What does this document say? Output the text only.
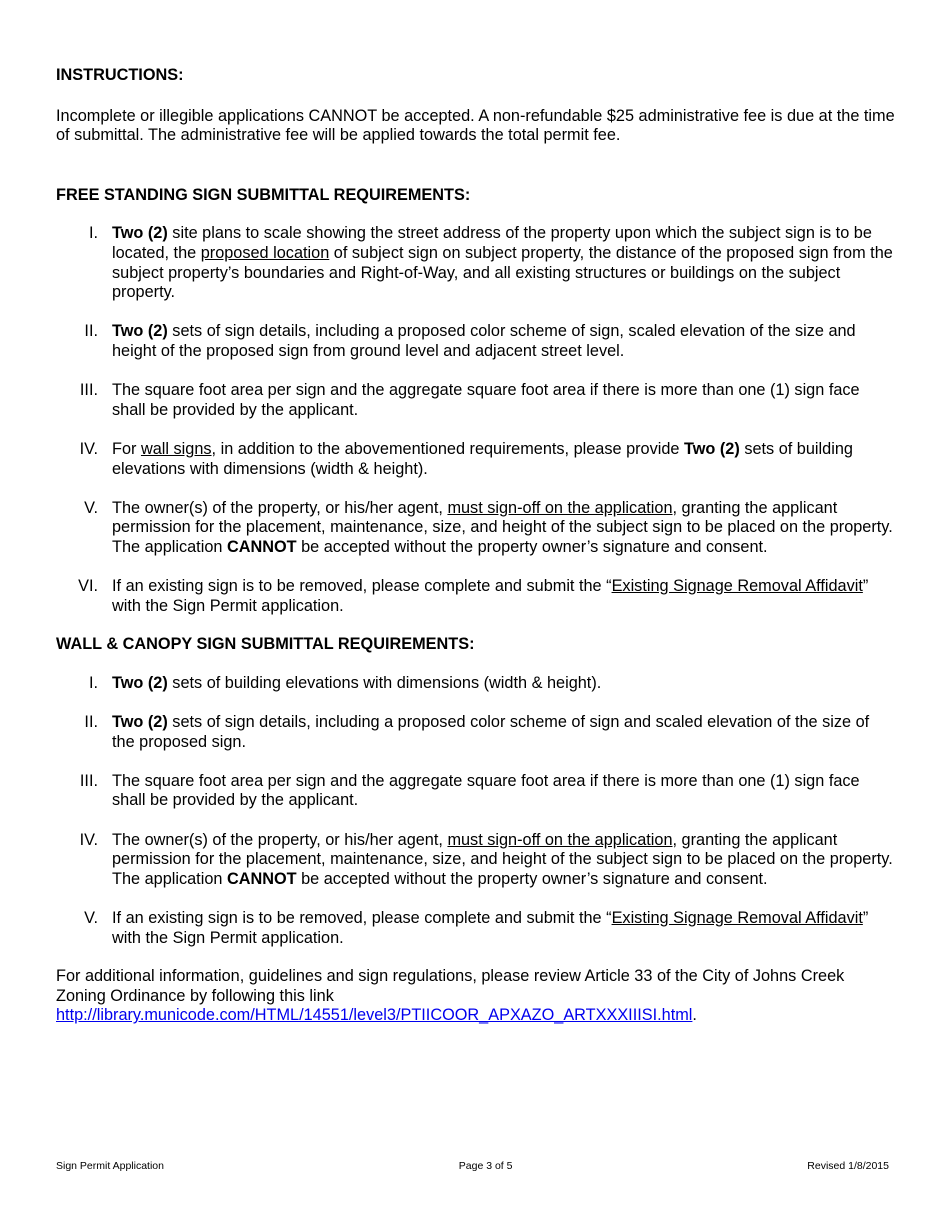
INSTRUCTIONS:

Incomplete or illegible applications CANNOT be accepted. A non-refundable $25 administrative fee is due at the time of submittal. The administrative fee will be applied towards the total permit fee.

FREE STANDING SIGN SUBMITTAL REQUIREMENTS:

I. Two (2) site plans to scale showing the street address of the property upon which the subject sign is to be located, the proposed location of subject sign on subject property, the distance of the proposed sign from the subject property’s boundaries and Right-of-Way, and all existing structures or buildings on the subject property.
II. Two (2) sets of sign details, including a proposed color scheme of sign, scaled elevation of the size and height of the proposed sign from ground level and adjacent street level.
III. The square foot area per sign and the aggregate square foot area if there is more than one (1) sign face shall be provided by the applicant.
IV. For wall signs, in addition to the abovementioned requirements, please provide Two (2) sets of building elevations with dimensions (width & height).
V. The owner(s) of the property, or his/her agent, must sign-off on the application, granting the applicant permission for the placement, maintenance, size, and height of the subject sign to be placed on the property. The application CANNOT be accepted without the property owner’s signature and consent.
VI. If an existing sign is to be removed, please complete and submit the “Existing Signage Removal Affidavit” with the Sign Permit application.

WALL & CANOPY SIGN SUBMITTAL REQUIREMENTS:

I. Two (2) sets of building elevations with dimensions (width & height).
II. Two (2) sets of sign details, including a proposed color scheme of sign and scaled elevation of the size of the proposed sign.
III. The square foot area per sign and the aggregate square foot area if there is more than one (1) sign face shall be provided by the applicant.
IV. The owner(s) of the property, or his/her agent, must sign-off on the application, granting the applicant permission for the placement, maintenance, size, and height of the subject sign to be placed on the property. The application CANNOT be accepted without the property owner’s signature and consent.
V. If an existing sign is to be removed, please complete and submit the “Existing Signage Removal Affidavit” with the Sign Permit application.

For additional information, guidelines and sign regulations, please review Article 33 of the City of Johns Creek Zoning Ordinance by following this link
http://library.municode.com/HTML/14551/level3/PTIICOOR_APXAZO_ARTXXXIIISI.html.

Sign Permit Application	Page 3 of 5	Revised 1/8/2015
